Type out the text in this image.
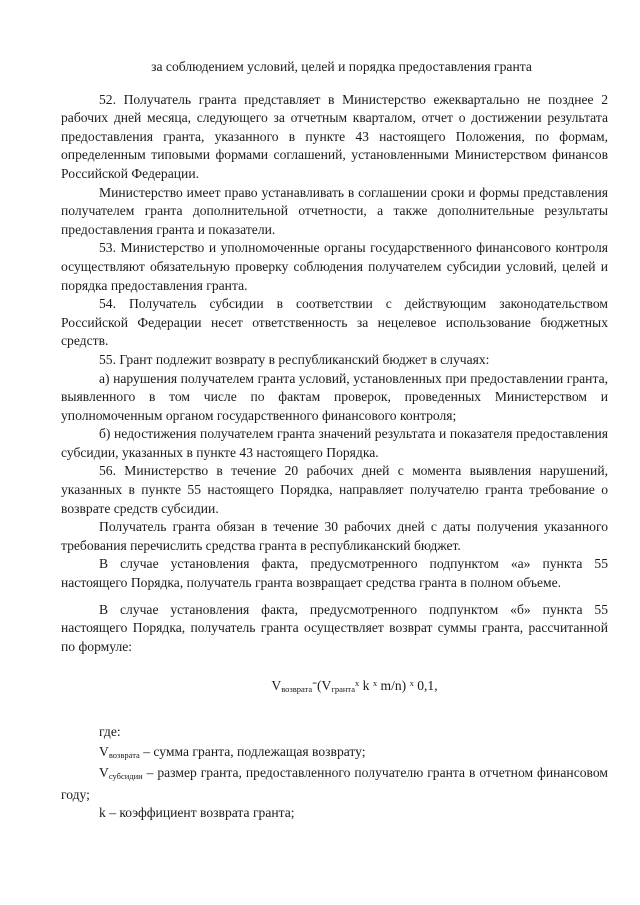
за соблюдением условий, целей и порядка предоставления гранта

52. Получатель гранта представляет в Министерство ежеквартально не позднее 2 рабочих дней месяца, следующего за отчетным кварталом, отчет о достижении результата предоставления гранта, указанного в пункте 43 настоящего Положения, по формам, определенным типовыми формами соглашений, установленными Министерством финансов Российской Федерации.

Министерство имеет право устанавливать в соглашении сроки и формы представления получателем гранта дополнительной отчетности, а также дополнительные результаты предоставления гранта и показатели.

53. Министерство и уполномоченные органы государственного финансового контроля осуществляют обязательную проверку соблюдения получателем субсидии условий, целей и порядка предоставления гранта.

54. Получатель субсидии в соответствии с действующим законодательством Российской Федерации несет ответственность за нецелевое использование бюджетных средств.

55. Грант подлежит возврату в республиканский бюджет в случаях:

а) нарушения получателем гранта условий, установленных при предоставлении гранта, выявленного в том числе по фактам проверок, проведенных Министерством и уполномоченным органом государственного финансового контроля;

б) недостижения получателем гранта значений результата и показателя предоставления субсидии, указанных в пункте 43 настоящего Порядка.

56. Министерство в течение 20 рабочих дней с момента выявления нарушений, указанных в пункте 55 настоящего Порядка, направляет получателю гранта требование о возврате средств субсидии.

Получатель гранта обязан в течение 30 рабочих дней с даты получения указанного требования перечислить средства гранта в республиканский бюджет.

В случае установления факта, предусмотренного подпунктом «а» пункта 55 настоящего Порядка, получатель гранта возвращает средства гранта в полном объеме.

В случае установления факта, предусмотренного подпунктом «б» пункта 55 настоящего Порядка, получатель гранта осуществляет возврат суммы гранта, рассчитанной по формуле:

$V_{возврата}^=(V_{гранта}^x$ k $^x$ m/n) $^x$ 0,1,

где:

$V_{возврата}$ – сумма гранта, подлежащая возврату;

$V_{субсидии}$ – размер гранта, предоставленного получателю гранта в отчетном финансовом году;

k – коэффициент возврата гранта;
